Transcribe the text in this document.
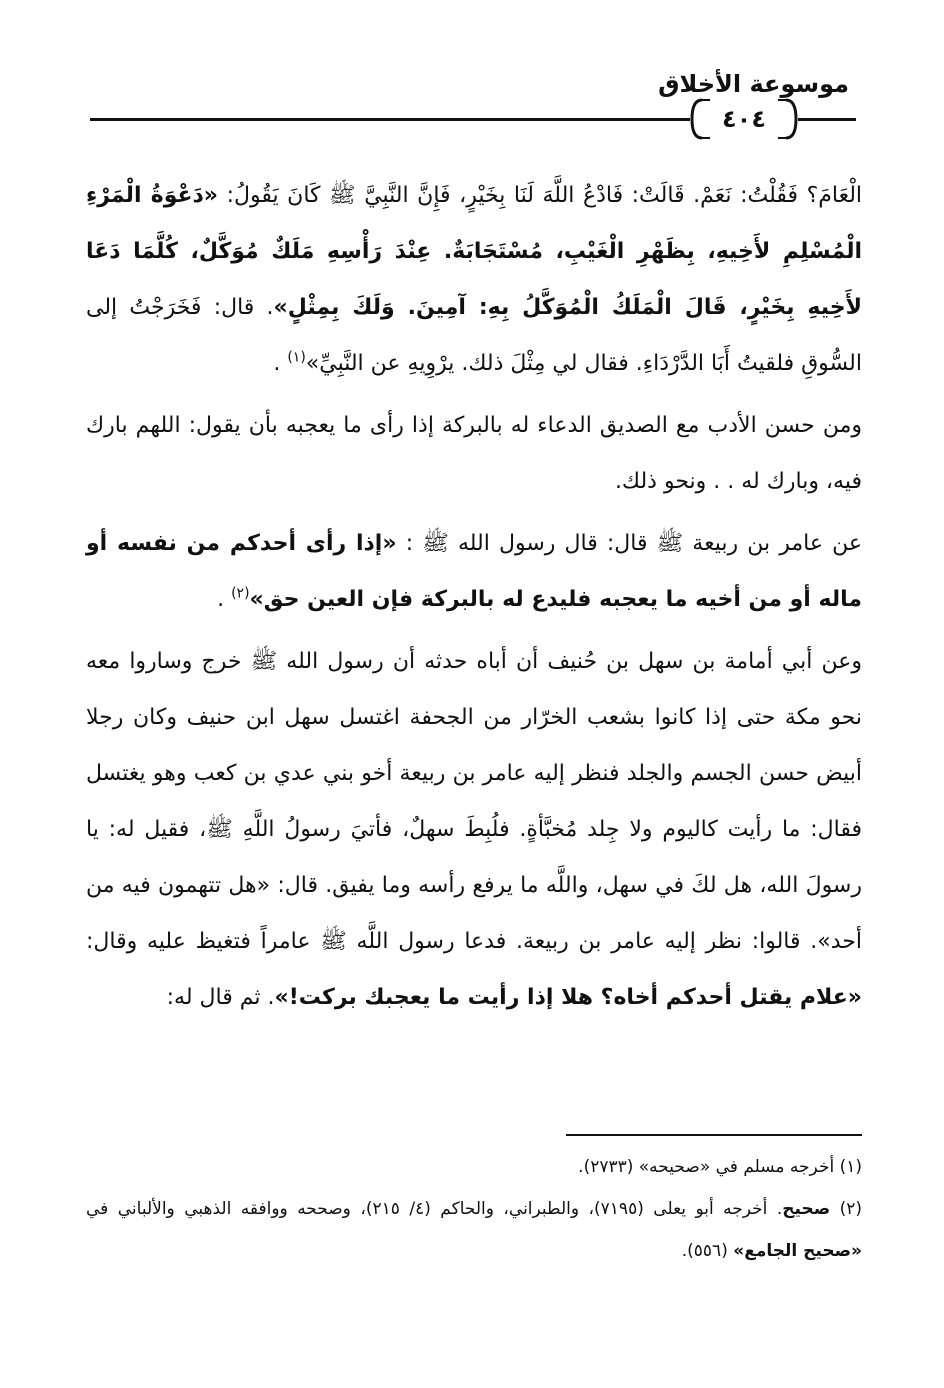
موسوعة الأخلاق
٤٠٤

الْعَامَ؟ فَقُلْتُ: نَعَمْ. قَالَتْ: فَادْعُ اللَّهَ لَنَا بِخَيْرٍ، فَإِنَّ النَّبِيَّ ﷺ كَانَ يَقُولُ: «دَعْوَةُ الْمَرْءِ الْمُسْلِمِ لأَخِيهِ، بِظَهْرِ الْغَيْبِ، مُسْتَجَابَةٌ. عِنْدَ رَأْسِهِ مَلَكٌ مُوَكَّلٌ، كُلَّمَا دَعَا لأَخِيهِ بِخَيْرٍ، قَالَ الْمَلَكُ الْمُوَكَّلُ بِهِ: آمِينَ. وَلَكَ بِمِثْلٍ». قال: فَخَرَجْتُ إلى السُّوقِ فلقيتُ أَبَا الدَّرْدَاءِ. فقال لي مِثْلَ ذلك. يرْوِيهِ عن النَّبِيِّ»$^{(١)}$ .

ومن حسن الأدب مع الصديق الدعاء له بالبركة إذا رأى ما يعجبه بأن يقول: اللهم بارك فيه، وبارك له . . ونحو ذلك.

عن عامر بن ربيعة ﷺ قال: قال رسول الله ﷺ : «إذا رأى أحدكم من نفسه أو ماله أو من أخيه ما يعجبه فليدع له بالبركة فإن العين حق»$^{(٢)}$ .

وعن أبي أمامة بن سهل بن حُنيف أن أباه حدثه أن رسول الله ﷺ خرج وساروا معه نحو مكة حتى إذا كانوا بشعب الخرّار من الجحفة اغتسل سهل ابن حنيف وكان رجلا أبيض حسن الجسم والجلد فنظر إليه عامر بن ربيعة أخو بني عدي بن كعب وهو يغتسل فقال: ما رأيت كاليوم ولا جِلد مُخبَّأةٍ. فلُبِطَ سهلٌ، فأتيَ رسولُ اللَّهِ ﷺ، فقيل له: يا رسولَ الله، هل لكَ في سهل، واللَّه ما يرفع رأسه وما يفيق. قال: «هل تتهمون فيه من أحد». قالوا: نظر إليه عامر بن ربيعة. فدعا رسول اللَّه ﷺ عامراً فتغيظ عليه وقال: «علام يقتل أحدكم أخاه؟ هلا إذا رأيت ما يعجبك بركت!». ثم قال له:

(١) أخرجه مسلم في «صحيحه» (٢٧٣٣).

(٢) صحيح. أخرجه أبو يعلى (٧١٩٥)، والطبراني، والحاكم (٤/ ٢١٥)، وصححه ووافقه الذهبي والألباني في «صحيح الجامع» (٥٥٦).
